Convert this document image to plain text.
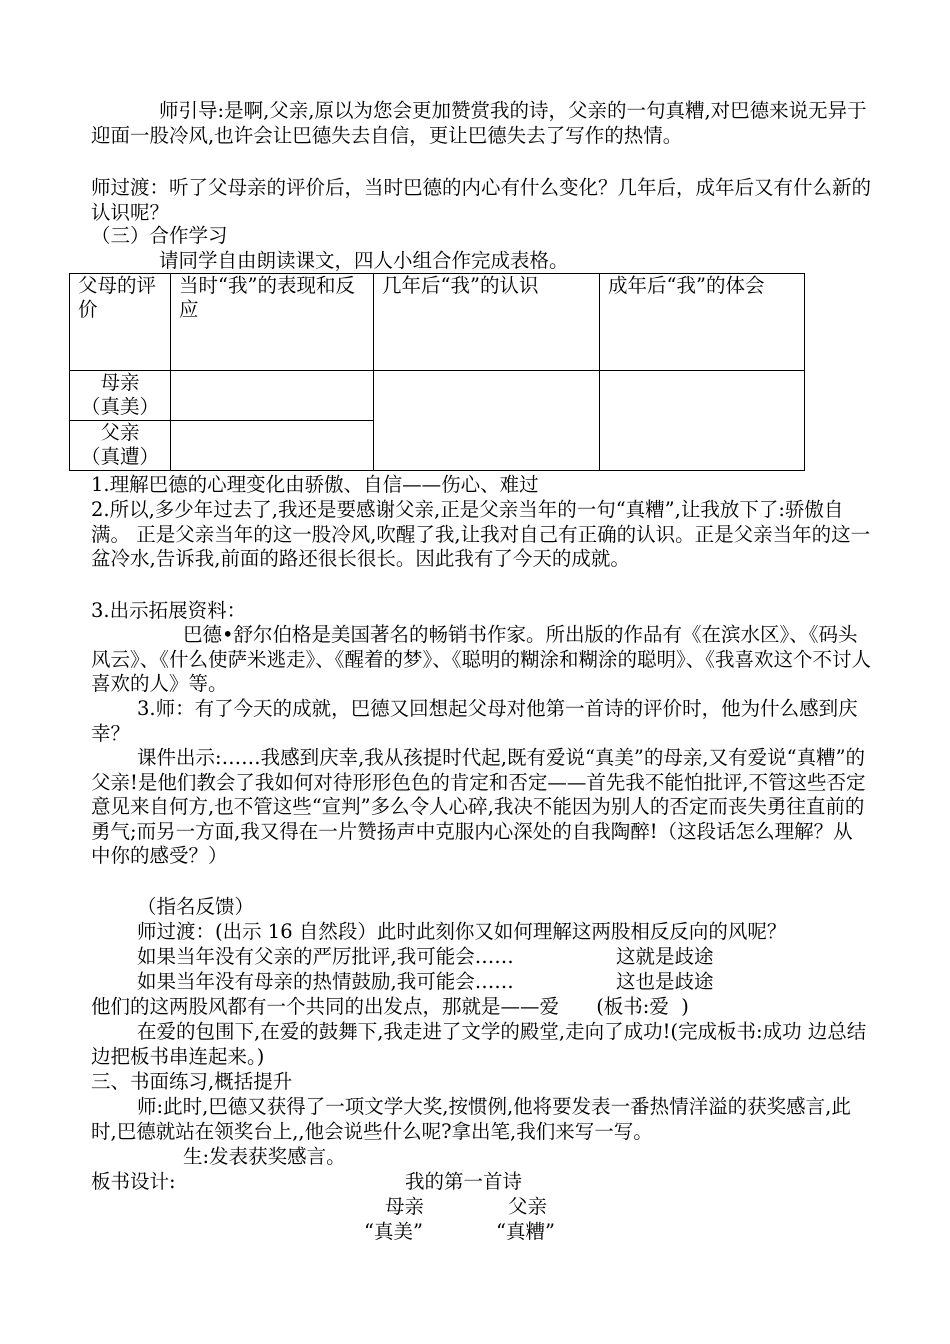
师引导:是啊,父亲,原以为您会更加赞赏我的诗，父亲的一句真糟,对巴德来说无异于迎面一股冷风,也许会让巴德失去自信，更让巴德失去了写作的热情。

师过渡：听了父母亲的评价后，当时巴德的内心有什么变化？几年后，成年后又有什么新的认识呢？

（三）合作学习

请同学自由朗读课文，四人小组合作完成表格。

父母的评价	当时“我”的表现和反应	几年后“我”的认识	成年后“我”的体会

母亲
（真美）			

父亲
（真遭）			

1.理解巴德的心理变化由骄傲、自信——伤心、难过

2.所以,多少年过去了,我还是要感谢父亲,正是父亲当年的一句“真糟”,让我放下了:骄傲自满。 正是父亲当年的这一股冷风,吹醒了我,让我对自己有正确的认识。正是父亲当年的这一盆冷水,告诉我,前面的路还很长很长。因此我有了今天的成就。

3.出示拓展资料：

巴德•舒尔伯格是美国著名的畅销书作家。所出版的作品有《在滨水区》、《码头风云》、《什么使萨米逃走》、《醒着的梦》、《聪明的糊涂和糊涂的聪明》、《我喜欢这个不讨人喜欢的人》等。

3.师：有了今天的成就，巴德又回想起父母对他第一首诗的评价时，他为什么感到庆幸？

课件出示:……我感到庆幸,我从孩提时代起,既有爱说“真美”的母亲,又有爱说“真糟”的父亲!是他们教会了我如何对待形形色色的肯定和否定——首先我不能怕批评,不管这些否定意见来自何方,也不管这些“宣判”多么令人心碎,我决不能因为别人的否定而丧失勇往直前的勇气;而另一方面,我又得在一片赞扬声中克服内心深处的自我陶醉!（这段话怎么理解？从中你的感受？）

（指名反馈）

师过渡：(出示 16 自然段）此时此刻你又如何理解这两股相反反向的风呢？

如果当年没有父亲的严厉批评,我可能会……	这就是歧途
如果当年没有母亲的热情鼓励,我可能会……	这也是歧途

他们的这两股风都有一个共同的出发点，那就是——爱      (板书:爱  )

在爱的包围下,在爱的鼓舞下,我走进了文学的殿堂,走向了成功!(完成板书:成功 边总结边把板书串连起来。)

三、书面练习,概括提升

师:此时,巴德又获得了一项文学大奖,按惯例,他将要发表一番热情洋溢的获奖感言,此时,巴德就站在领奖台上,,他会说些什么呢?拿出笔,我们来写一写。

生:发表获奖感言。

板书设计:	我的第一首诗
母亲	父亲
“真美”	“真糟”
